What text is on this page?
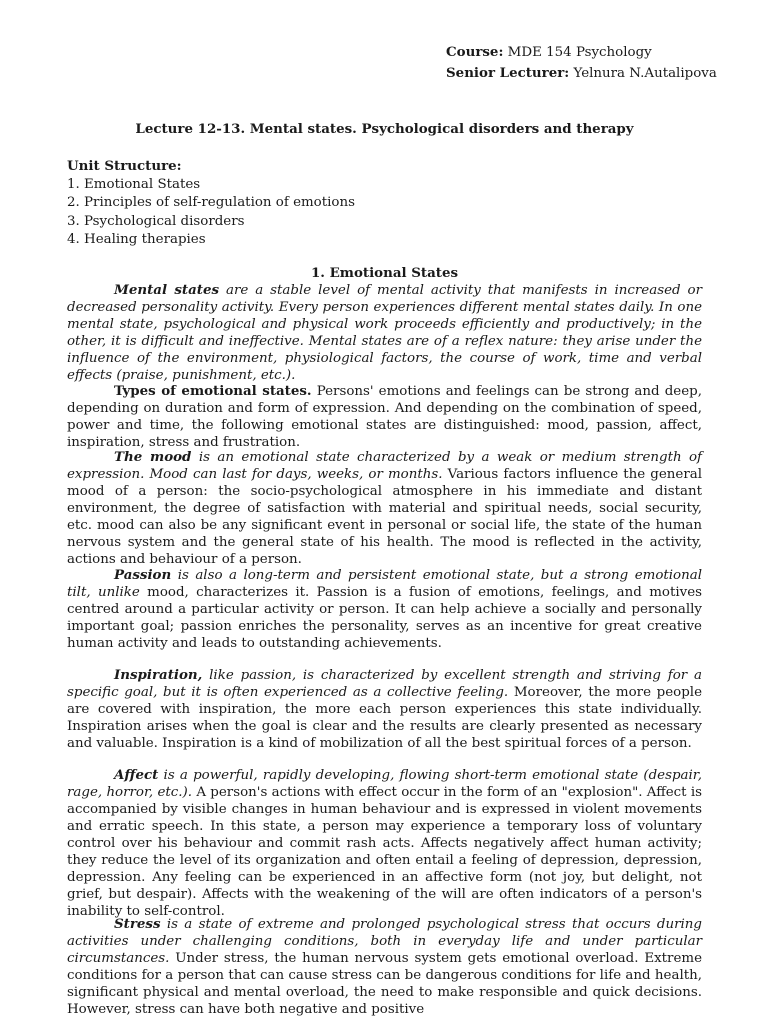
Course: MDE 154 Psychology
Senior Lecturer: Yelnura N.Autalipova
Lecture 12-13. Mental states. Psychological disorders and therapy
Unit Structure:
1. Emotional States
2. Principles of self-regulation of emotions
3. Psychological disorders
4. Healing therapies
1. Emotional States

Mental states are a stable level of mental activity that manifests in increased or decreased personality activity. Every person experiences different mental states daily. In one mental state, psychological and physical work proceeds efficiently and productively; in the other, it is difficult and ineffective. Mental states are of a reflex nature: they arise under the influence of the environment, physiological factors, the course of work, time and verbal effects (praise, punishment, etc.).

Types of emotional states. Persons' emotions and feelings can be strong and deep, depending on duration and form of expression. And depending on the combination of speed, power and time, the following emotional states are distinguished: mood, passion, affect, inspiration, stress and frustration.

The mood is an emotional state characterized by a weak or medium strength of expression. Mood can last for days, weeks, or months. Various factors influence the general mood of a person: the socio-psychological atmosphere in his immediate and distant environment, the degree of satisfaction with material and spiritual needs, social security, etc. mood can also be any significant event in personal or social life, the state of the human nervous system and the general state of his health. The mood is reflected in the activity, actions and behaviour of a person.

Passion is also a long-term and persistent emotional state, but a strong emotional tilt, unlike mood, characterizes it. Passion is a fusion of emotions, feelings, and motives centred around a particular activity or person. It can help achieve a socially and personally important goal; passion enriches the personality, serves as an incentive for great creative human activity and leads to outstanding achievements.

Inspiration, like passion, is characterized by excellent strength and striving for a specific goal, but it is often experienced as a collective feeling. Moreover, the more people are covered with inspiration, the more each person experiences this state individually. Inspiration arises when the goal is clear and the results are clearly presented as necessary and valuable. Inspiration is a kind of mobilization of all the best spiritual forces of a person.

Affect is a powerful, rapidly developing, flowing short-term emotional state (despair, rage, horror, etc.). A person's actions with effect occur in the form of an "explosion". Affect is accompanied by visible changes in human behaviour and is expressed in violent movements and erratic speech. In this state, a person may experience a temporary loss of voluntary control over his behaviour and commit rash acts. Affects negatively affect human activity; they reduce the level of its organization and often entail a feeling of depression, depression, depression. Any feeling can be experienced in an affective form (not joy, but delight, not grief, but despair). Affects with the weakening of the will are often indicators of a person's inability to self-control.

Stress is a state of extreme and prolonged psychological stress that occurs during activities under challenging conditions, both in everyday life and under particular circumstances. Under stress, the human nervous system gets emotional overload. Extreme conditions for a person that can cause stress can be dangerous conditions for life and health, significant physical and mental overload, the need to make responsible and quick decisions. However, stress can have both negative and positive
